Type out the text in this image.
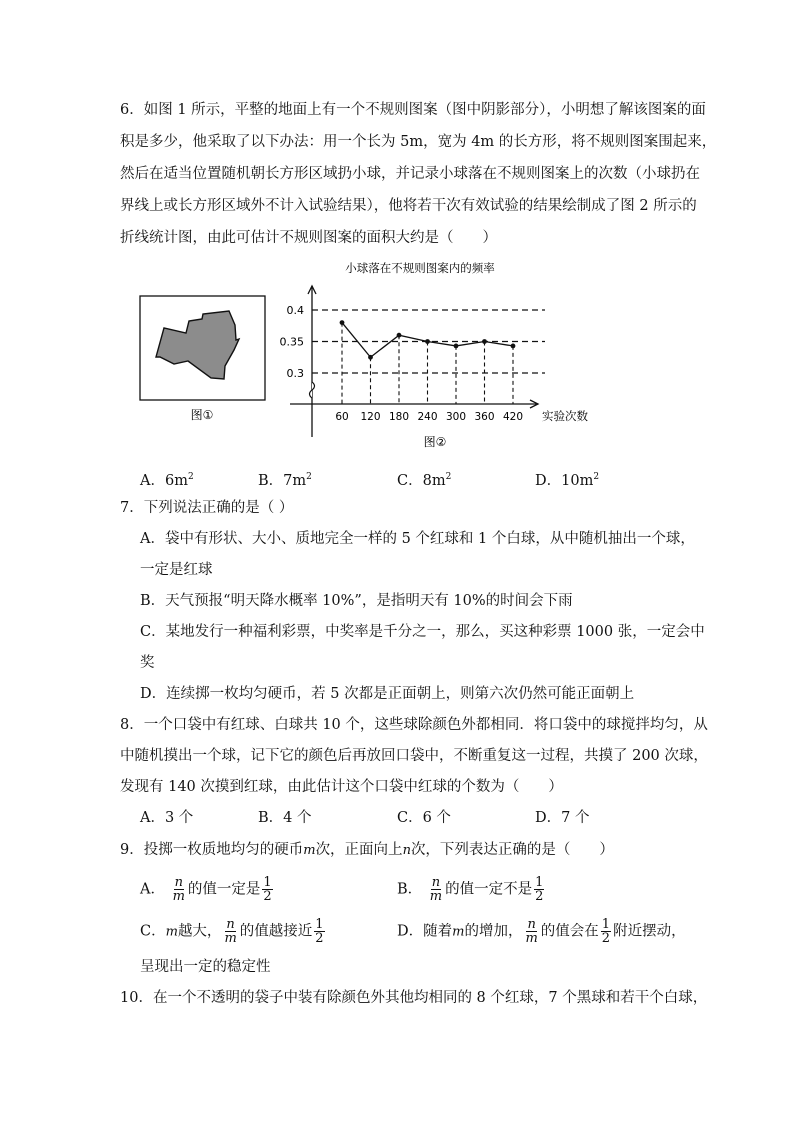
6．如图 1 所示，平整的地面上有一个不规则图案（图中阴影部分），小明想了解该图案的面
积是多少，他采取了以下办法：用一个长为 5m，宽为 4m 的长方形，将不规则图案围起来，
然后在适当位置随机朝长方形区域扔小球，并记录小球落在不规则图案上的次数（小球扔在
界线上或长方形区域外不计入试验结果），他将若干次有效试验的结果绘制成了图 2 所示的
折线统计图，由此可估计不规则图案的面积大约是（　　）
图①
小球落在不规则图案内的频率
0.4
0.35
0.3
60 120 180 240 300 360 420 实验次数
图②
A．$6m^2$	B．$7m^2$	C．$8m^2$	D．$10m^2$
7．下列说法正确的是（ ）
A．袋中有形状、大小、质地完全一样的 5 个红球和 1 个白球，从中随机抽出一个球，
一定是红球
B．天气预报“明天降水概率 10%”，是指明天有 10%的时间会下雨
C．某地发行一种福利彩票，中奖率是千分之一，那么，买这种彩票 1000 张，一定会中
奖
D．连续掷一枚均匀硬币，若 5 次都是正面朝上，则第六次仍然可能正面朝上
8．一个口袋中有红球、白球共 10 个，这些球除颜色外都相同．将口袋中的球搅拌均匀，从
中随机摸出一个球，记下它的颜色后再放回口袋中，不断重复这一过程，共摸了 200 次球，
发现有 140 次摸到红球，由此估计这个口袋中红球的个数为（　　）
A．3 个	B．4 个	C．6 个	D．7 个
9．投掷一枚质地均匀的硬币m次，正面向上n次，下列表达正确的是（　　）
A． $\frac{n}{m}$ 的值一定是 $\frac{1}{2}$	B． $\frac{n}{m}$ 的值一定不是 $\frac{1}{2}$
C．m越大， $\frac{n}{m}$ 的值越接近 $\frac{1}{2}$	D．随着m的增加， $\frac{n}{m}$ 的值会在 $\frac{1}{2}$ 附近摆动，
呈现出一定的稳定性
10．在一个不透明的袋子中装有除颜色外其他均相同的 8 个红球，7 个黑球和若干个白球，
